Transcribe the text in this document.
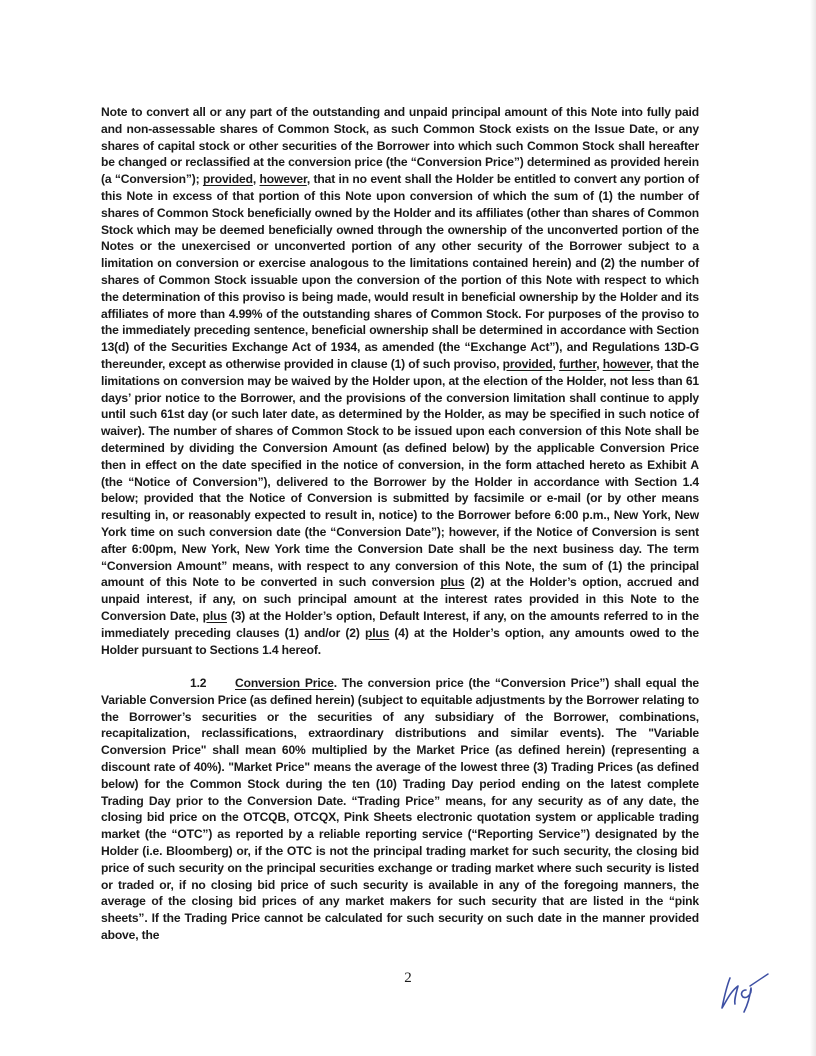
Note to convert all or any part of the outstanding and unpaid principal amount of this Note into fully paid and non-assessable shares of Common Stock, as such Common Stock exists on the Issue Date, or any shares of capital stock or other securities of the Borrower into which such Common Stock shall hereafter be changed or reclassified at the conversion price (the “Conversion Price”) determined as provided herein (a “Conversion”); provided, however, that in no event shall the Holder be entitled to convert any portion of this Note in excess of that portion of this Note upon conversion of which the sum of (1) the number of shares of Common Stock beneficially owned by the Holder and its affiliates (other than shares of Common Stock which may be deemed beneficially owned through the ownership of the unconverted portion of the Notes or the unexercised or unconverted portion of any other security of the Borrower subject to a limitation on conversion or exercise analogous to the limitations contained herein) and (2) the number of shares of Common Stock issuable upon the conversion of the portion of this Note with respect to which the determination of this proviso is being made, would result in beneficial ownership by the Holder and its affiliates of more than 4.99% of the outstanding shares of Common Stock. For purposes of the proviso to the immediately preceding sentence, beneficial ownership shall be determined in accordance with Section 13(d) of the Securities Exchange Act of 1934, as amended (the “Exchange Act”), and Regulations 13D-G thereunder, except as otherwise provided in clause (1) of such proviso, provided, further, however, that the limitations on conversion may be waived by the Holder upon, at the election of the Holder, not less than 61 days’ prior notice to the Borrower, and the provisions of the conversion limitation shall continue to apply until such 61st day (or such later date, as determined by the Holder, as may be specified in such notice of waiver). The number of shares of Common Stock to be issued upon each conversion of this Note shall be determined by dividing the Conversion Amount (as defined below) by the applicable Conversion Price then in effect on the date specified in the notice of conversion, in the form attached hereto as Exhibit A (the “Notice of Conversion”), delivered to the Borrower by the Holder in accordance with Section 1.4 below; provided that the Notice of Conversion is submitted by facsimile or e-mail (or by other means resulting in, or reasonably expected to result in, notice) to the Borrower before 6:00 p.m., New York, New York time on such conversion date (the “Conversion Date”); however, if the Notice of Conversion is sent after 6:00pm, New York, New York time the Conversion Date shall be the next business day. The term “Conversion Amount” means, with respect to any conversion of this Note, the sum of (1) the principal amount of this Note to be converted in such conversion plus (2) at the Holder’s option, accrued and unpaid interest, if any, on such principal amount at the interest rates provided in this Note to the Conversion Date, plus (3) at the Holder’s option, Default Interest, if any, on the amounts referred to in the immediately preceding clauses (1) and/or (2) plus (4) at the Holder’s option, any amounts owed to the Holder pursuant to Sections 1.4 hereof.

1.2 Conversion Price. The conversion price (the “Conversion Price”) shall equal the Variable Conversion Price (as defined herein) (subject to equitable adjustments by the Borrower relating to the Borrower’s securities or the securities of any subsidiary of the Borrower, combinations, recapitalization, reclassifications, extraordinary distributions and similar events). The "Variable Conversion Price" shall mean 60% multiplied by the Market Price (as defined herein) (representing a discount rate of 40%). "Market Price" means the average of the lowest three (3) Trading Prices (as defined below) for the Common Stock during the ten (10) Trading Day period ending on the latest complete Trading Day prior to the Conversion Date. “Trading Price” means, for any security as of any date, the closing bid price on the OTCQB, OTCQX, Pink Sheets electronic quotation system or applicable trading market (the “OTC”) as reported by a reliable reporting service (“Reporting Service”) designated by the Holder (i.e. Bloomberg) or, if the OTC is not the principal trading market for such security, the closing bid price of such security on the principal securities exchange or trading market where such security is listed or traded or, if no closing bid price of such security is available in any of the foregoing manners, the average of the closing bid prices of any market makers for such security that are listed in the “pink sheets”. If the Trading Price cannot be calculated for such security on such date in the manner provided above, the

2
